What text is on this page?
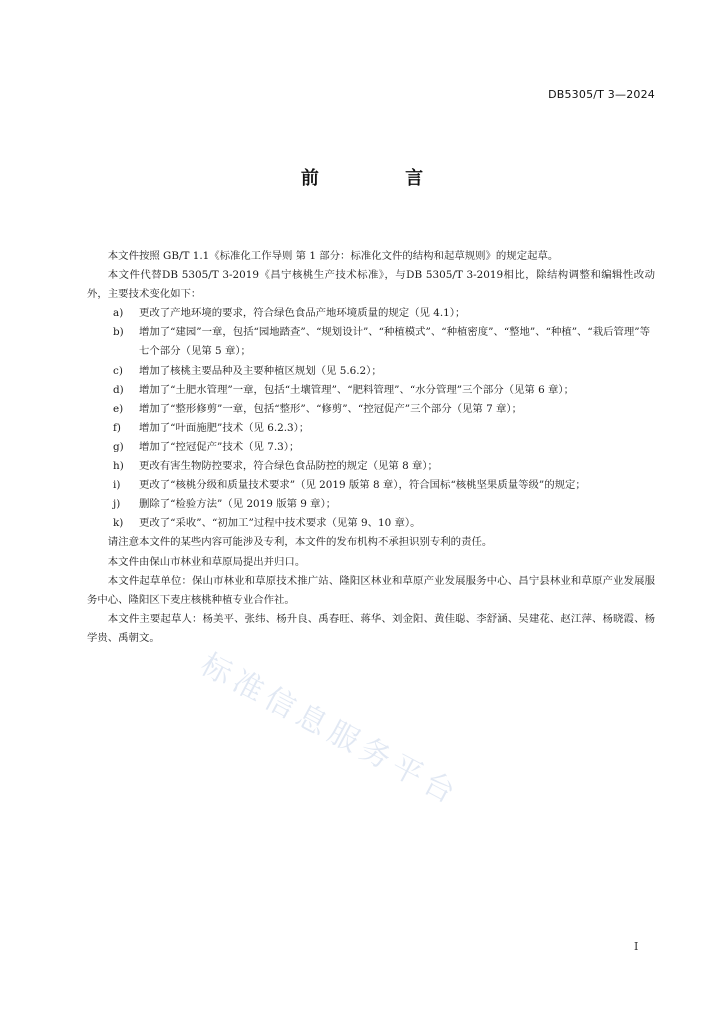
DB5305/T 3—2024
前 言

本文件按照 GB/T 1.1《标准化工作导则 第 1 部分：标准化文件的结构和起草规则》的规定起草。

本文件代替DB 5305/T 3-2019《昌宁核桃生产技术标准》，与DB 5305/T 3-2019相比，除结构调整和编辑性改动外，主要技术变化如下：

a) 更改了产地环境的要求，符合绿色食品产地环境质量的规定（见 4.1）；

b) 增加了“建园”一章，包括“园地踏查”、“规划设计”、“种植模式”、“种植密度”、“整地”、“种植”、“栽后管理”等七个部分（见第 5 章）；

c) 增加了核桃主要品种及主要种植区规划（见 5.6.2）；

d) 增加了“土肥水管理”一章，包括“土壤管理”、“肥料管理”、“水分管理”三个部分（见第 6 章）；

e) 增加了“整形修剪”一章，包括“整形”、“修剪”、“控冠促产”三个部分（见第 7 章）；

f) 增加了“叶面施肥”技术（见 6.2.3）；

g) 增加了“控冠促产”技术（见 7.3）；

h) 更改有害生物防控要求，符合绿色食品防控的规定（见第 8 章）；

i) 更改了“核桃分级和质量技术要求”（见 2019 版第 8 章），符合国标“核桃坚果质量等级”的规定；

j) 删除了“检验方法”（见 2019 版第 9 章）；

k) 更改了“采收”、“初加工”过程中技术要求（见第 9、10 章）。

请注意本文件的某些内容可能涉及专利，本文件的发布机构不承担识别专利的责任。

本文件由保山市林业和草原局提出并归口。

本文件起草单位：保山市林业和草原技术推广站、隆阳区林业和草原产业发展服务中心、昌宁县林业和草原产业发展服务中心、隆阳区下麦庄核桃种植专业合作社。

本文件主要起草人：杨美平、张纬、杨升良、禹春旺、蒋华、刘金阳、黄佳聪、李舒涵、吴建花、赵江萍、杨晓霞、杨学贵、禹朝文。

标准信息服务平台
I
